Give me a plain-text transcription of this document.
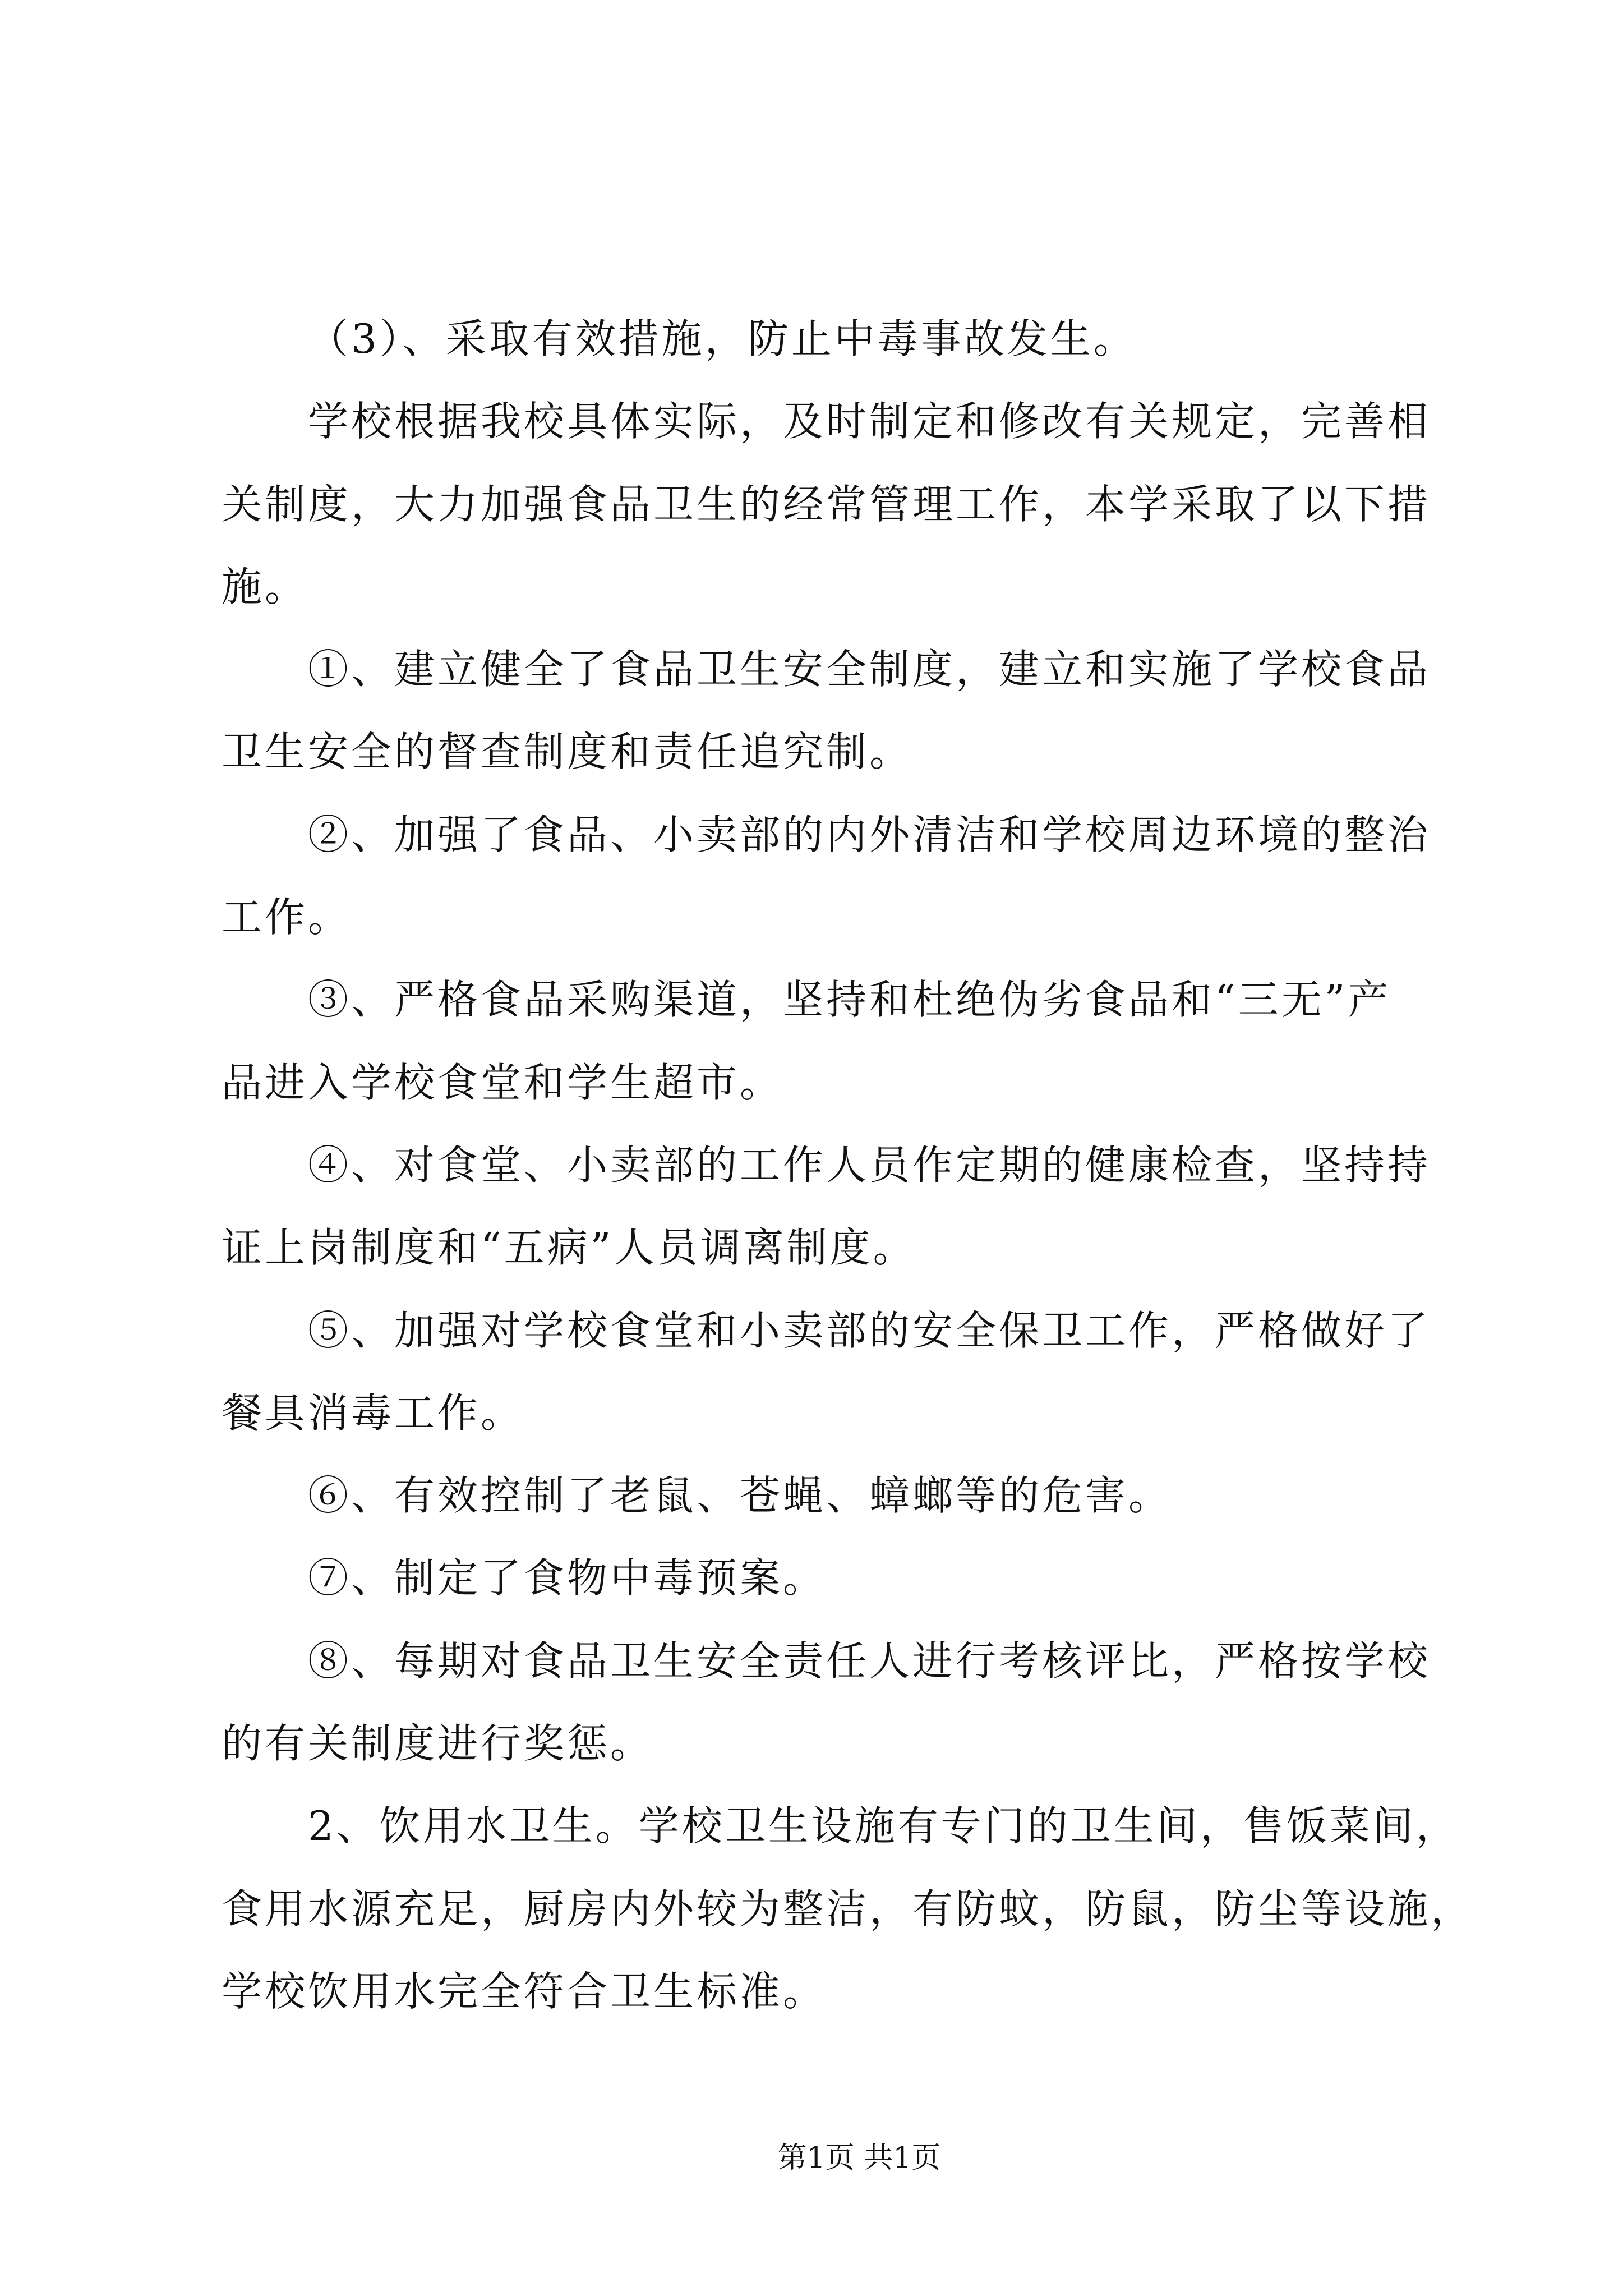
（3）、采取有效措施，防止中毒事故发生。
学校根据我校具体实际，及时制定和修改有关规定，完善相
关制度，大力加强食品卫生的经常管理工作，本学采取了以下措
施。
①、建立健全了食品卫生安全制度，建立和实施了学校食品
卫生安全的督查制度和责任追究制。
②、加强了食品、小卖部的内外清洁和学校周边环境的整治
工作。
③、严格食品采购渠道，坚持和杜绝伪劣食品和“三无”产
品进入学校食堂和学生超市。
④、对食堂、小卖部的工作人员作定期的健康检查，坚持持
证上岗制度和“五病”人员调离制度。
⑤、加强对学校食堂和小卖部的安全保卫工作，严格做好了
餐具消毒工作。
⑥、有效控制了老鼠、苍蝇、蟑螂等的危害。
⑦、制定了食物中毒预案。
⑧、每期对食品卫生安全责任人进行考核评比，严格按学校
的有关制度进行奖惩。
2、饮用水卫生。学校卫生设施有专门的卫生间，售饭菜间，
食用水源充足，厨房内外较为整洁，有防蚊，防鼠，防尘等设施，
学校饮用水完全符合卫生标准。
第1页 共1页
